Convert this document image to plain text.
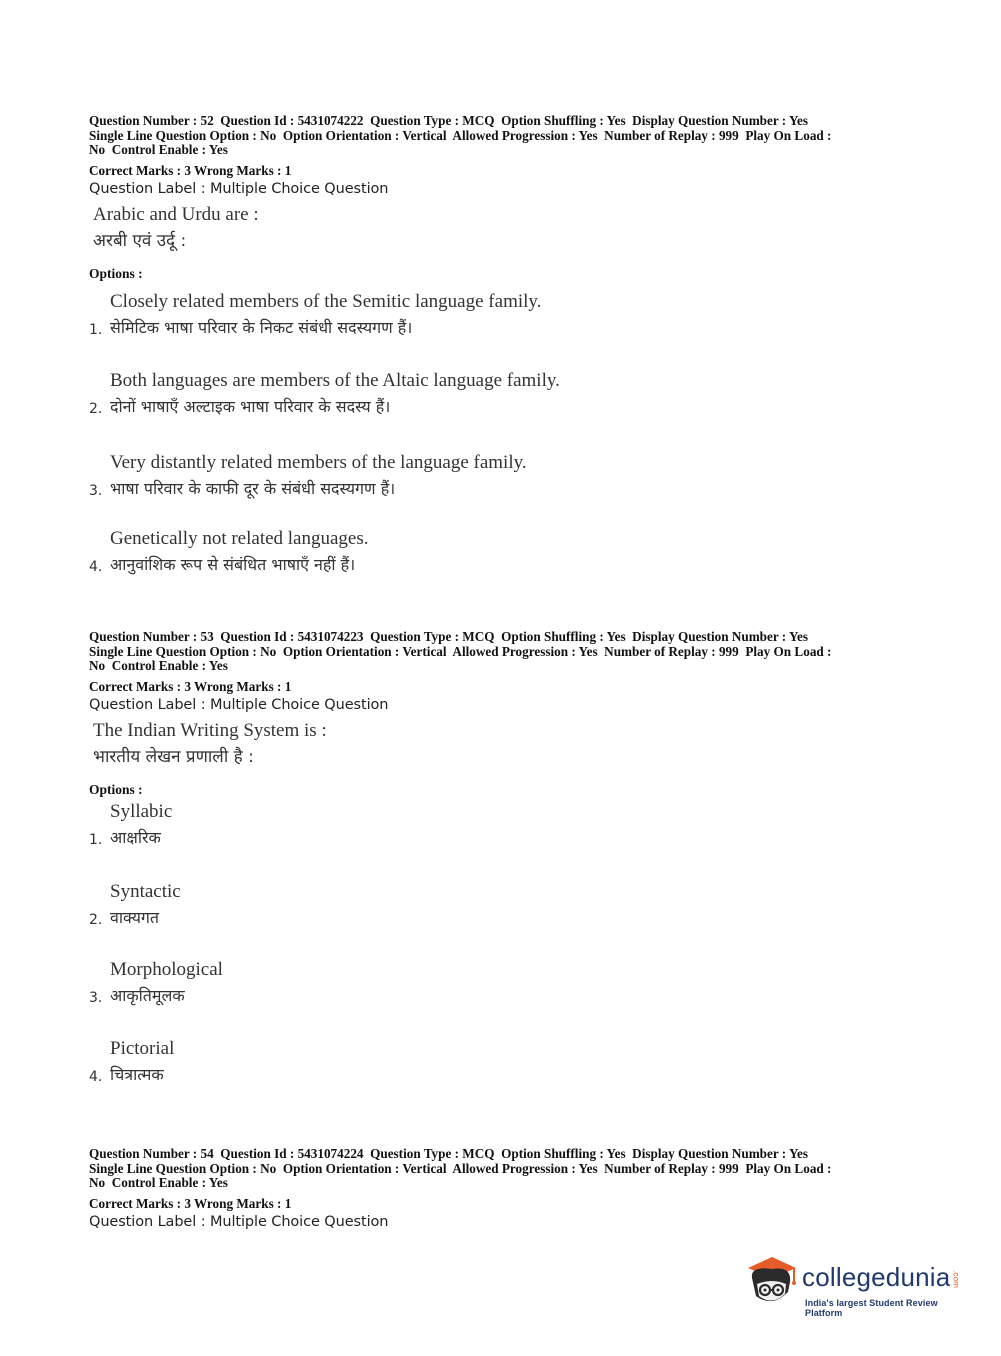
Question Number : 52  Question Id : 5431074222  Question Type : MCQ  Option Shuffling : Yes  Display Question Number : Yes
Single Line Question Option : No  Option Orientation : Vertical  Allowed Progression : Yes  Number of Replay : 999  Play On Load :
No  Control Enable : Yes
Correct Marks : 3 Wrong Marks : 1
Question Label : Multiple Choice Question
Arabic and Urdu are :
अरबी एवं उर्दू :
Options :
Closely related members of the Semitic language family.
सेमिटिक भाषा परिवार के निकट संबंधी सदस्यगण हैं।
1.
Both languages are members of the Altaic language family.
दोनों भाषाएँ अल्टाइक भाषा परिवार के सदस्य हैं।
2.
Very distantly related members of the language family.
भाषा परिवार के काफी दूर के संबंधी सदस्यगण हैं।
3.
Genetically not related languages.
आनुवांशिक रूप से संबंधित भाषाएँ नहीं हैं।
4.
Question Number : 53  Question Id : 5431074223  Question Type : MCQ  Option Shuffling : Yes  Display Question Number : Yes
Single Line Question Option : No  Option Orientation : Vertical  Allowed Progression : Yes  Number of Replay : 999  Play On Load :
No  Control Enable : Yes
Correct Marks : 3 Wrong Marks : 1
Question Label : Multiple Choice Question
The Indian Writing System is :
भारतीय लेखन प्रणाली है :
Options :
Syllabic
आक्षरिक
1.
Syntactic
वाक्यगत
2.
Morphological
आकृतिमूलक
3.
Pictorial
चित्रात्मक
4.
Question Number : 54  Question Id : 5431074224  Question Type : MCQ  Option Shuffling : Yes  Display Question Number : Yes
Single Line Question Option : No  Option Orientation : Vertical  Allowed Progression : Yes  Number of Replay : 999  Play On Load :
No  Control Enable : Yes
Correct Marks : 3 Wrong Marks : 1
Question Label : Multiple Choice Question
collegedunia.com
India's largest Student Review Platform
